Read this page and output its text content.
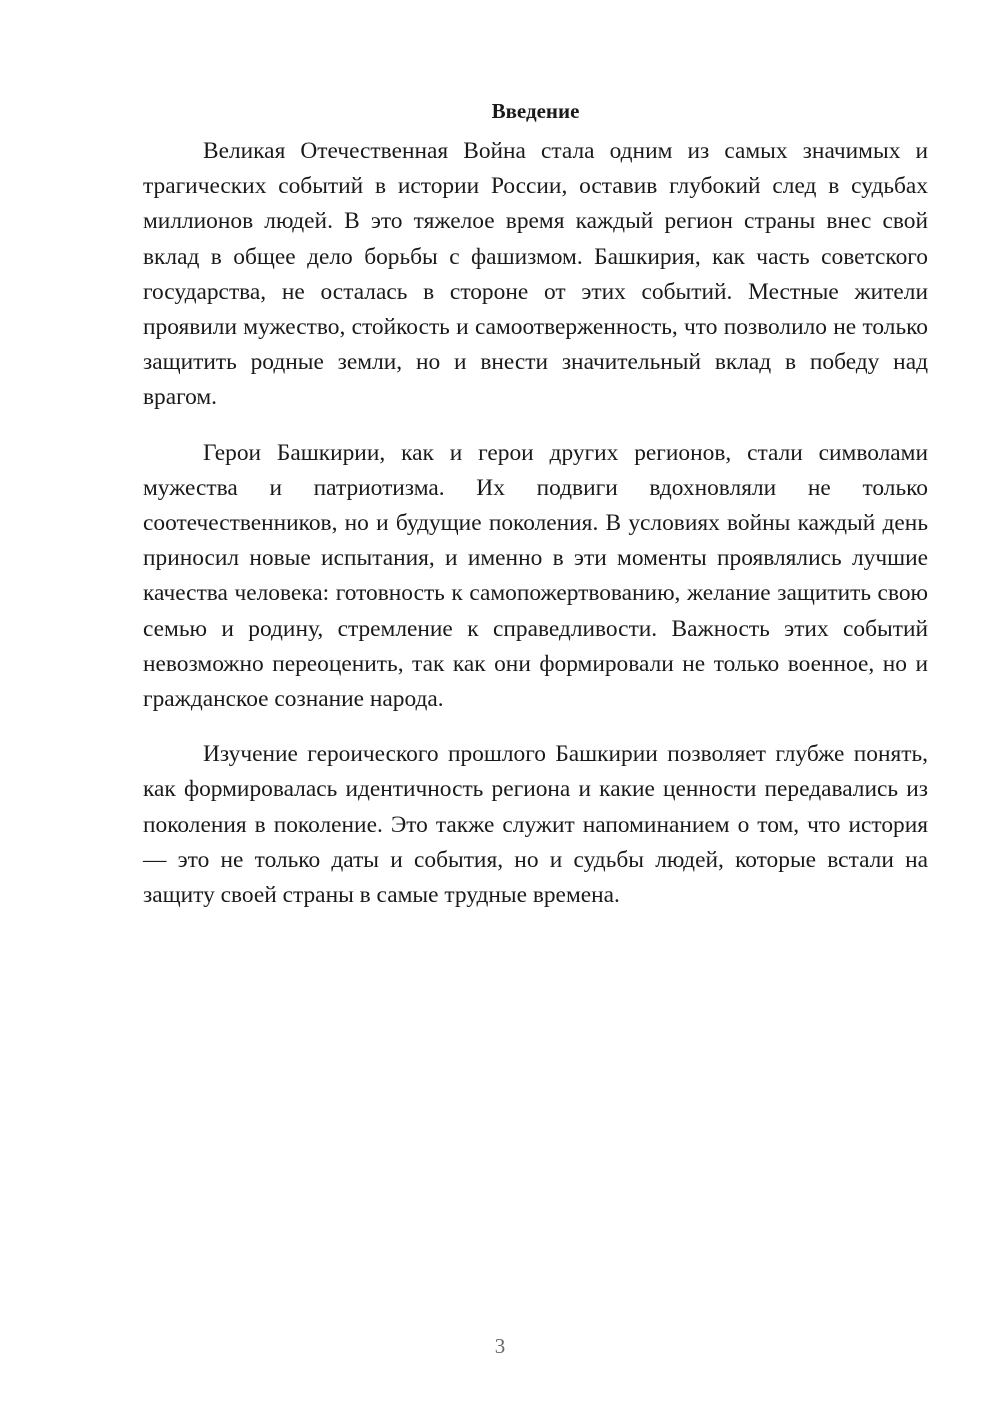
Введение

Великая Отечественная Война стала одним из самых значимых и трагических событий в истории России, оставив глубокий след в судьбах миллионов людей. В это тяжелое время каждый регион страны внес свой вклад в общее дело борьбы с фашизмом. Башкирия, как часть советского государства, не осталась в стороне от этих событий. Местные жители проявили мужество, стойкость и самоотверженность, что позволило не только защитить родные земли, но и внести значительный вклад в победу над врагом.

Герои Башкирии, как и герои других регионов, стали символами мужества и патриотизма. Их подвиги вдохновляли не только соотечественников, но и будущие поколения. В условиях войны каждый день приносил новые испытания, и именно в эти моменты проявлялись лучшие качества человека: готовность к самопожертвованию, желание защитить свою семью и родину, стремление к справедливости. Важность этих событий невозможно переоценить, так как они формировали не только военное, но и гражданское сознание народа.

Изучение героического прошлого Башкирии позволяет глубже понять, как формировалась идентичность региона и какие ценности передавались из поколения в поколение. Это также служит напоминанием о том, что история — это не только даты и события, но и судьбы людей, которые встали на защиту своей страны в самые трудные времена.

3
